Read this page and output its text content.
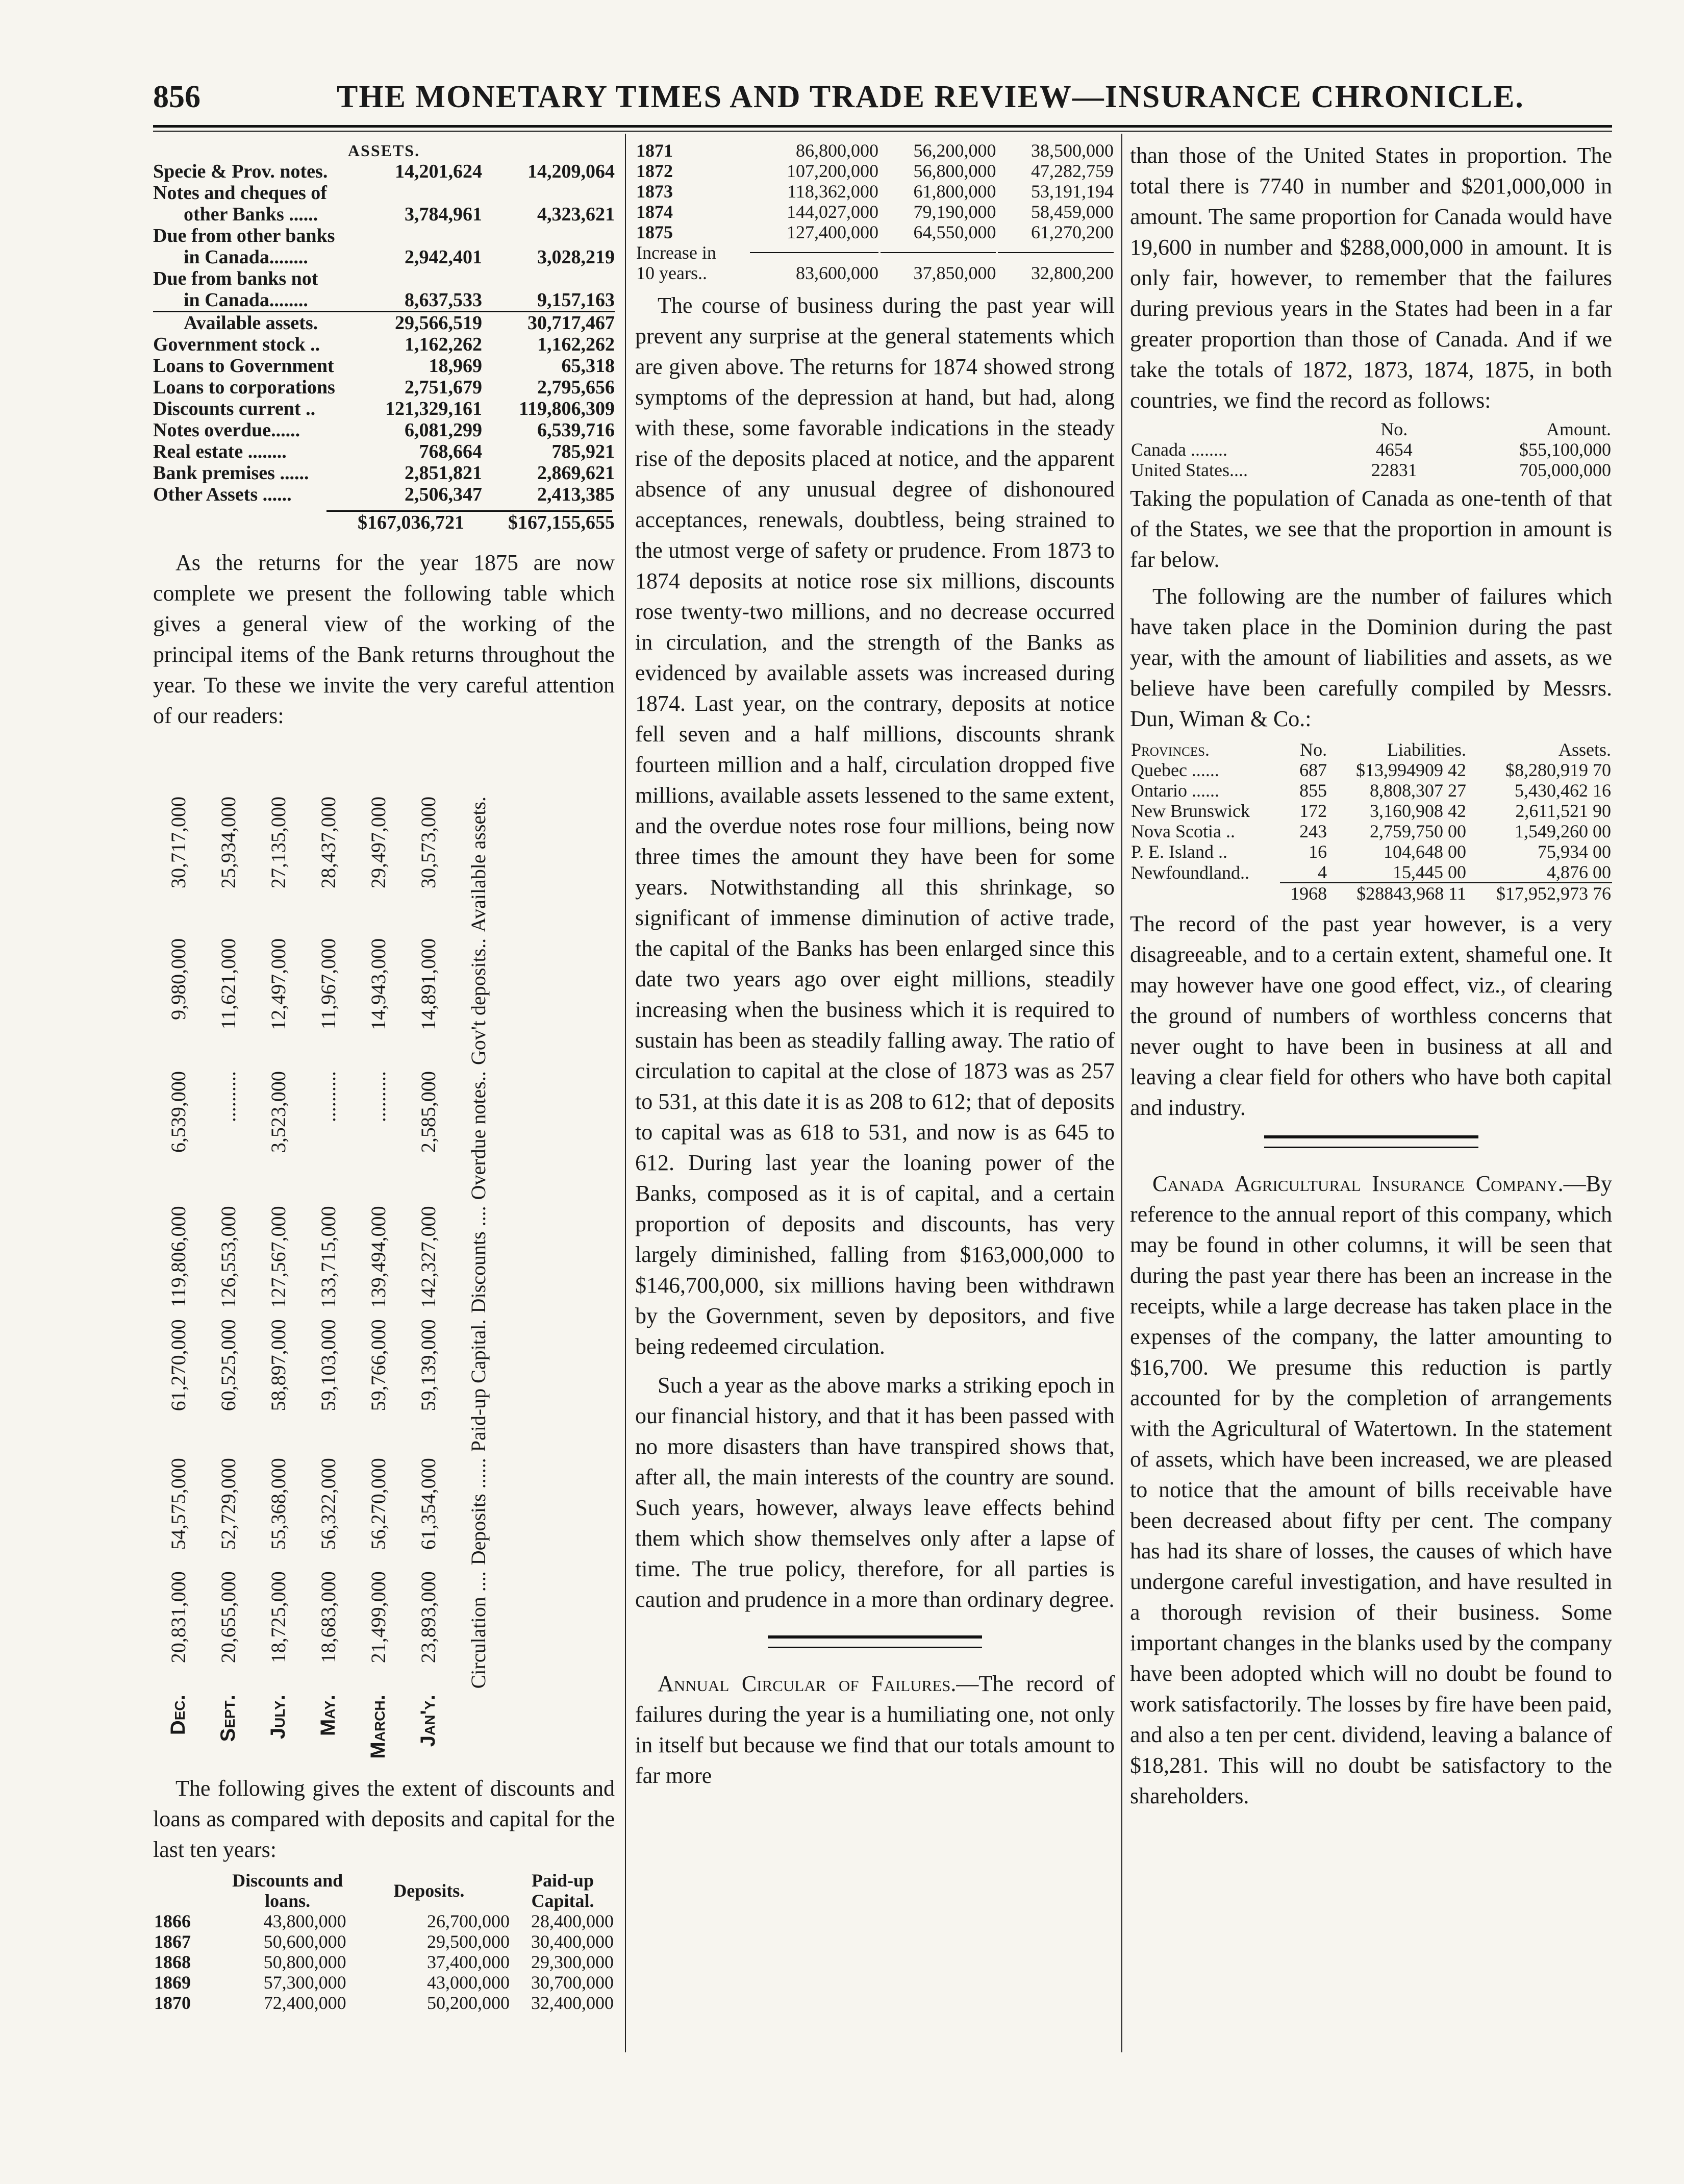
856	THE MONETARY TIMES AND TRADE REVIEW—INSURANCE CHRONICLE.
ASSETS.
Specie & Prov. notes.	14,201,624	14,209,064
Notes and cheques of		
other Banks ......	3,784,961	4,323,621
Due from other banks		
in Canada........	2,942,401	3,028,219
Due from banks not		
in Canada........	8,637,533	9,157,163
Available assets.	29,566,519	30,717,467
Government stock ..	1,162,262	1,162,262
Loans to Government	18,969	65,318
Loans to corporations	2,751,679	2,795,656
Discounts current ..	121,329,161	119,806,309
Notes overdue......	6,081,299	6,539,716
Real estate ........	768,664	785,921
Bank premises ......	2,851,821	2,869,621
Other Assets ......	2,506,347	2,413,385
	$167,036,721	$167,155,655

As the returns for the year 1875 are now complete we present the following table which gives a general view of the working of the principal items of the Bank returns throughout the year. To these we invite the very careful attention of our readers:

Dec.	20,831,000	54,575,000	61,270,000	119,806,000	6,539,000	9,980,000	30,717,000
Sept.	20,655,000	52,729,000	60,525,000	126,553,000	..........	11,621,000	25,934,000
July.	18,725,000	55,368,000	58,897,000	127,567,000	3,523,000	12,497,000	27,135,000
May.	18,683,000	56,322,000	59,103,000	133,715,000	..........	11,967,000	28,437,000
March.	21,499,000	56,270,000	59,766,000	139,494,000	..........	14,943,000	29,497,000
Jan'y.	23,893,000	61,354,000	59,139,000	142,327,000	2,585,000	14,891,000	30,573,000
	Circulation ....	Deposits ......	Paid-up Capital.	Discounts ....	Overdue notes..	Gov't deposits..	Available assets.

The following gives the extent of discounts and loans as compared with deposits and capital for the last ten years:

	Discounts and loans.	Deposits.	Paid-up Capital.
1866	43,800,000	26,700,000	28,400,000
1867	50,600,000	29,500,000	30,400,000
1868	50,800,000	37,400,000	29,300,000
1869	57,300,000	43,000,000	30,700,000
1870	72,400,000	50,200,000	32,400,000
1871	86,800,000	56,200,000	38,500,000
1872	107,200,000	56,800,000	47,282,759
1873	118,362,000	61,800,000	53,191,194
1874	144,027,000	79,190,000	58,459,000
1875	127,400,000	64,550,000	61,270,200
Increase in	

10 years..	83,600,000	37,850,000	32,800,200

The course of business during the past year will prevent any surprise at the general statements which are given above. The returns for 1874 showed strong symptoms of the depression at hand, but had, along with these, some favorable indications in the steady rise of the deposits placed at notice, and the apparent absence of any unusual degree of dishonoured acceptances, renewals, doubtless, being strained to the utmost verge of safety or prudence. From 1873 to 1874 deposits at notice rose six millions, discounts rose twenty-two millions, and no decrease occurred in circulation, and the strength of the Banks as evidenced by available assets was increased during 1874. Last year, on the contrary, deposits at notice fell seven and a half millions, discounts shrank fourteen million and a half, circulation dropped five millions, available assets lessened to the same extent, and the overdue notes rose four millions, being now three times the amount they have been for some years. Notwithstanding all this shrinkage, so significant of immense diminution of active trade, the capital of the Banks has been enlarged since this date two years ago over eight millions, steadily increasing when the business which it is required to sustain has been as steadily falling away. The ratio of circulation to capital at the close of 1873 was as 257 to 531, at this date it is as 208 to 612; that of deposits to capital was as 618 to 531, and now is as 645 to 612. During last year the loaning power of the Banks, composed as it is of capital, and a certain proportion of deposits and discounts, has very largely diminished, falling from $163,000,000 to $146,700,000, six millions having been withdrawn by the Government, seven by depositors, and five being redeemed circulation.

Such a year as the above marks a striking epoch in our financial history, and that it has been passed with no more disasters than have transpired shows that, after all, the main interests of the country are sound. Such years, however, always leave effects behind them which show themselves only after a lapse of time. The true policy, therefore, for all parties is caution and prudence in a more than ordinary degree.

Annual Circular of Failures.—The record of failures during the year is a humiliating one, not only in itself but because we find that our totals amount to far more

than those of the United States in proportion. The total there is 7740 in number and $201,000,000 in amount. The same proportion for Canada would have 19,600 in number and $288,000,000 in amount. It is only fair, however, to remember that the failures during previous years in the States had been in a far greater proportion than those of Canada. And if we take the totals of 1872, 1873, 1874, 1875, in both countries, we find the record as follows:

	No.	Amount.
Canada ........	4654	$55,100,000
United States....	22831	705,000,000

Taking the population of Canada as one-tenth of that of the States, we see that the proportion in amount is far below.

The following are the number of failures which have taken place in the Dominion during the past year, with the amount of liabilities and assets, as we believe have been carefully compiled by Messrs. Dun, Wiman & Co.:

Provinces.	No.	Liabilities.	Assets.
Quebec ......	687	$13,994909 42	$8,280,919 70
Ontario ......	855	8,808,307 27	5,430,462 16
New Brunswick	172	3,160,908 42	2,611,521 90
Nova Scotia ..	243	2,759,750 00	1,549,260 00
P. E. Island ..	16	104,648 00	75,934 00
Newfoundland..	4	15,445 00	4,876 00
	1968	$28843,968 11	$17,952,973 76

The record of the past year however, is a very disagreeable, and to a certain extent, shameful one. It may however have one good effect, viz., of clearing the ground of numbers of worthless concerns that never ought to have been in business at all and leaving a clear field for others who have both capital and industry.

Canada Agricultural Insurance Company.—By reference to the annual report of this company, which may be found in other columns, it will be seen that during the past year there has been an increase in the receipts, while a large decrease has taken place in the expenses of the company, the latter amounting to $16,700. We presume this reduction is partly accounted for by the completion of arrangements with the Agricultural of Watertown. In the statement of assets, which have been increased, we are pleased to notice that the amount of bills receivable have been decreased about fifty per cent. The company has had its share of losses, the causes of which have undergone careful investigation, and have resulted in a thorough revision of their business. Some important changes in the blanks used by the company have been adopted which will no doubt be found to work satisfactorily. The losses by fire have been paid, and also a ten per cent. dividend, leaving a balance of $18,281. This will no doubt be satisfactory to the shareholders.
